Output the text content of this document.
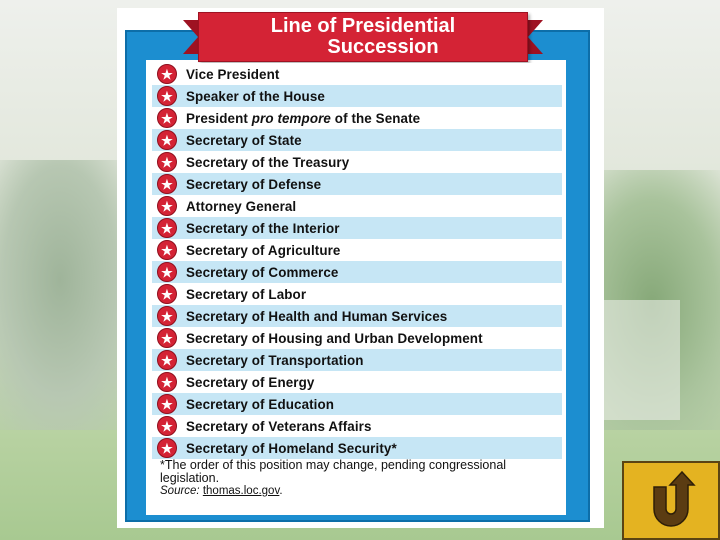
Line of Presidential
Succession
★ Vice President
★ Speaker of the House
★ President pro tempore of the Senate
★ Secretary of State
★ Secretary of the Treasury
★ Secretary of Defense
★ Attorney General
★ Secretary of the Interior
★ Secretary of Agriculture
★ Secretary of Commerce
★ Secretary of Labor
★ Secretary of Health and Human Services
★ Secretary of Housing and Urban Development
★ Secretary of Transportation
★ Secretary of Energy
★ Secretary of Education
★ Secretary of Veterans Affairs
★ Secretary of Homeland Security*
*The order of this position may change, pending congressional legislation.
Source: thomas.loc.gov.
